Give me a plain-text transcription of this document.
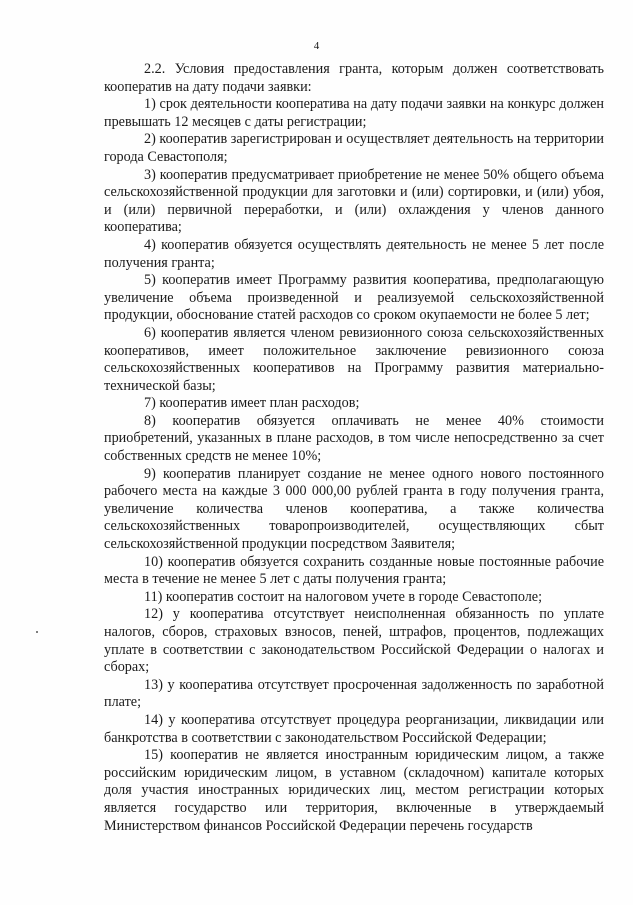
4

2.2. Условия предоставления гранта, которым должен соответствовать кооператив на дату подачи заявки:

1) срок деятельности кооператива на дату подачи заявки на конкурс должен превышать 12 месяцев с даты регистрации;

2) кооператив зарегистрирован и осуществляет деятельность на территории города Севастополя;

3) кооператив предусматривает приобретение не менее 50% общего объема сельскохозяйственной продукции для заготовки и (или) сортировки, и (или) убоя, и (или) первичной переработки, и (или) охлаждения у членов данного кооператива;

4) кооператив обязуется осуществлять деятельность не менее 5 лет после получения гранта;

5) кооператив имеет Программу развития кооператива, предполагающую увеличение объема произведенной и реализуемой сельскохозяйственной продукции, обоснование статей расходов со сроком окупаемости не более 5 лет;

6) кооператив является членом ревизионного союза сельскохозяйственных кооперативов, имеет положительное заключение ревизионного союза сельскохозяйственных кооперативов на Программу развития материально-технической базы;

7) кооператив имеет план расходов;

8) кооператив обязуется оплачивать не менее 40% стоимости приобретений, указанных в плане расходов, в том числе непосредственно за счет собственных средств не менее 10%;

9) кооператив планирует создание не менее одного нового постоянного рабочего места на каждые 3 000 000,00 рублей гранта в году получения гранта, увеличение количества членов кооператива, а также количества сельскохозяйственных товаропроизводителей, осуществляющих сбыт сельскохозяйственной продукции посредством Заявителя;

10) кооператив обязуется сохранить созданные новые постоянные рабочие места в течение не менее 5 лет с даты получения гранта;

11) кооператив состоит на налоговом учете в городе Севастополе;

12) у кооператива отсутствует неисполненная обязанность по уплате налогов, сборов, страховых взносов, пеней, штрафов, процентов, подлежащих уплате в соответствии с законодательством Российской Федерации о налогах и сборах;

13) у кооператива отсутствует просроченная задолженность по заработной плате;

14) у кооператива отсутствует процедура реорганизации, ликвидации или банкротства в соответствии с законодательством Российской Федерации;

15) кооператив не является иностранным юридическим лицом, а также российским юридическим лицом, в уставном (складочном) капитале которых доля участия иностранных юридических лиц, местом регистрации которых является государство или территория, включенные в утверждаемый Министерством финансов Российской Федерации перечень государств
